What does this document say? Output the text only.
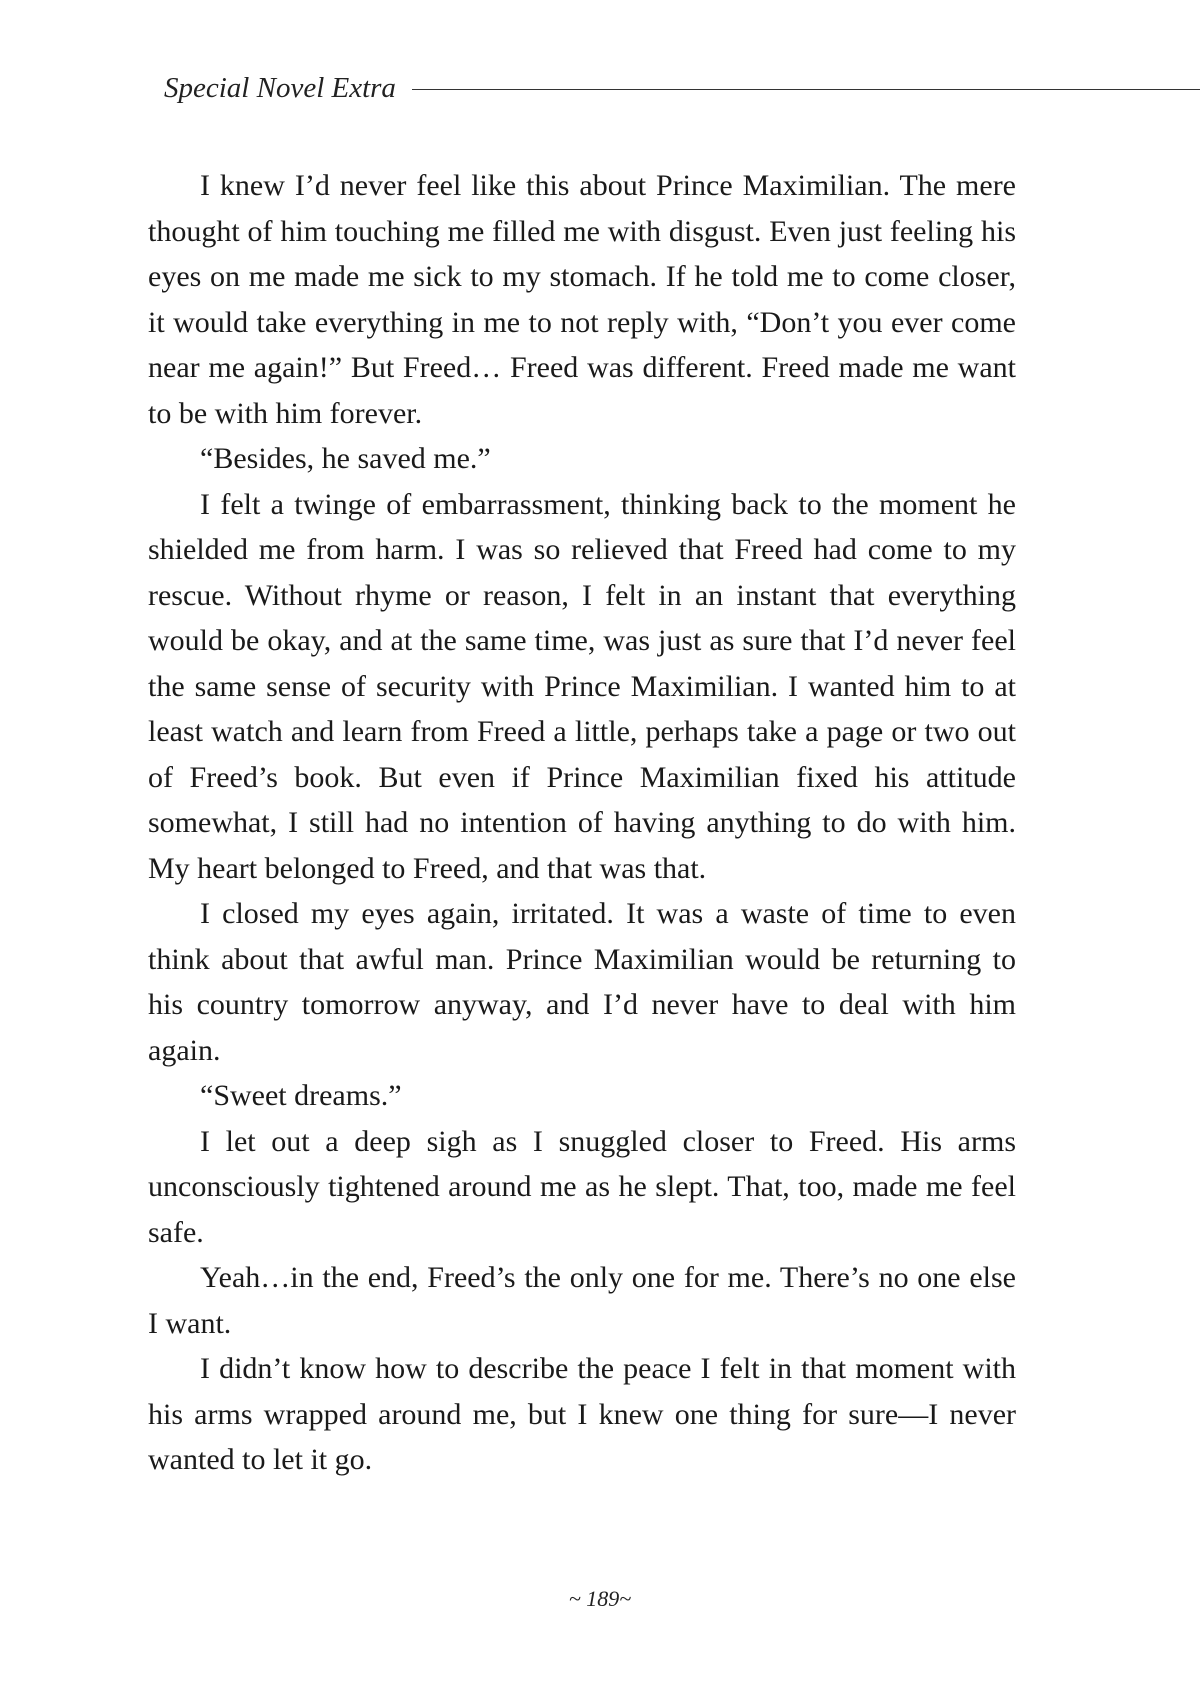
Special Novel Extra

I knew I’d never feel like this about Prince Maximilian. The mere thought of him touching me filled me with disgust. Even just feeling his eyes on me made me sick to my stomach. If he told me to come closer, it would take everything in me to not reply with, “Don’t you ever come near me again!” But Freed… Freed was different. Freed made me want to be with him forever.

“Besides, he saved me.”

I felt a twinge of embarrassment, thinking back to the moment he shielded me from harm. I was so relieved that Freed had come to my rescue. Without rhyme or reason, I felt in an instant that everything would be okay, and at the same time, was just as sure that I’d never feel the same sense of security with Prince Maximilian. I wanted him to at least watch and learn from Freed a little, perhaps take a page or two out of Freed’s book. But even if Prince Maximilian fixed his attitude somewhat, I still had no intention of having anything to do with him. My heart belonged to Freed, and that was that.

I closed my eyes again, irritated. It was a waste of time to even think about that awful man. Prince Maximilian would be returning to his country tomorrow anyway, and I’d never have to deal with him again.

“Sweet dreams.”

I let out a deep sigh as I snuggled closer to Freed. His arms unconsciously tightened around me as he slept. That, too, made me feel safe.

Yeah…in the end, Freed’s the only one for me. There’s no one else I want.

I didn’t know how to describe the peace I felt in that moment with his arms wrapped around me, but I knew one thing for sure—I never wanted to let it go.

~ 189~
